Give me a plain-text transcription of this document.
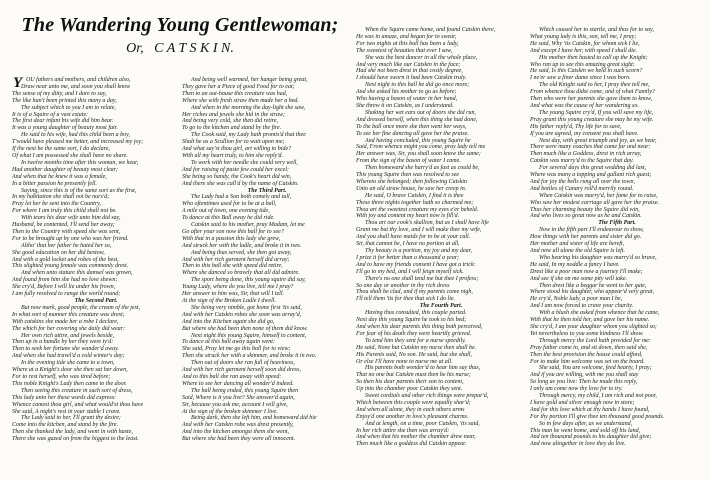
The Wandering Young Gentlewoman;
Or,   C A T S K I N.
Y OU fathers and mothers, and children also,
Draw near unto me, and soon you shall know
The sense of my ditty, and I dare to say,
The like han't been printed this many a day,
The subject which to you I am to relate,
It is of a Squire of a vast estate:
The first dear infant his wife did him bear.
It was a young daughter of beauty most fair.
He said to his wife, had this child been a boy,
T'would have pleased me better, and increased my joy;
If the next be the same sort, I do declare,
Of what I am possessed she shall have no share.
In twelve months time after this woman, we hear,
Had another daughter of beauty most clear;
And when that he knew it was a female,
In a bitter passion he presently fell.
Saying, since this is of the same sort as the first,
In my habitation she shall not be nurs'd;
Pray let her be sent into the Country,
For where I am truly this child shall not be.
With tears his dear wife unto him did say,
Husband, be contented, I'll send her away;
Then to the Country with speed she was sent,
For to be brought up by one who was her friend.
Altho' that her father he hated her so,
She good education on her did bestow,
And with a gold locket and robes of the best,
This slighted young female was commonly drest.
And when unto stature this damsel was grown,
And found from him she had no love shewn;
She cry'd, Before I will lie under his frown,
I am fully resolved to range the world round;
The Second Part.
But now mark, good people, the cream of the jest,
In what sort of manner this creature was drest;
With catskins she made her a robe I declare,
The which for her covering she daily did wear:
Her own rich attire, and jewels beside,
Then up in a bundle by her they were ty'd:
Then to seek her fortune she wander'd away.
And when she had travel'd a cold winter's day;
In the evening tide she came to a town,
Where at a Knight's door she then sat her down,
For to rest herself, who was tired before;
This noble Knight's Lady then came to the door.
Then seeing this creature in such sort of dress,
This lady unto her these words did express:
Whence camest thou girl, and what would'st thou have
She said, A night's rest in your stable I crave.
The Lady said to her, I'll grant thy desire;
Come into the kitchen, and stand by the fire.
Then she thanked the lady, and went in with haste,
There she was gazed on from the biggest to the least.
And being well warmed, her hunger being great,
They gave her a Piece of good Food for to eat;
Then to an out-house this creature was had,
Where she with fresh straw then made her a bed.
And when in the morning the day-light she saw,
Her riches and jewels she hid in the straw;
And being very cold, she then did retire,
To go to the kitchen and stand by the fire.
The Cook said, my Lady hath promis'd that thee
Shalt be as a Scullion for to wait upon me;
And what say'st thou girl, art willing to bide?
With all my heart truly, to him she reply'd.
To work with her needle she could very well,
And for raising of paste few could her excel:
She being so handy, the Cook's heart did win,
And there she was call'd by the name of Catskin.
The Third Part.
The Lady had a Son both comely and tall,
Who oftentimes used for to be at a ball,
A mile out of town, one evening tide,
To dance at this Ball away he did ride.
Catskin said to his mother, pray Madam, let me
Go after your son now this ball for to see?
With that in a passion this lady she grew,
And struck her with the ladle, and broke it in two.
And being thus served, she then got away,
And with her rich garment herself did array;
Then to this ball she with speed did retire,
Where she danced so bravely that all did admire.
The sport being done, this young squire did say,
Young Lady, where do you live, tell me I pray?
Her answer to him was, Sir, that will I tell.
At the sign of the Broken Ladle I dwell.
She being very nimble, got home first 'tis said,
And with her Catskin robes she soon was array'd,
And into the Kitchen again she did go,
But where she had been then none of them did know.
Next night this young Squire, himself to content,
To dance at this ball away again went:
She said, Pray let me go this ball for to view;
Then she struck her with a skimmer, and broke it in two.
Then out of doors she ran full of heaviness,
And with her rich garment herself soon did dress,
And to this ball she ran away with speed:
Where to see her dancing all wonder'd indeed.
The ball being ended, this young Squire then
Said, Where is it you live? She answer'd again,
Sir, because you ask me, account I will give,
At the sign of the broken skimmer I live.
Being dark, then she left him, and homeward did hie
And with her Catskin robe was drest presently,
And into the kitchen amongst them she went,
But where she had been they were all innocent.
When the Squire came home, and found Catskin there,
He was in amaze, and began for to swear,
For two nights at this ball has been a lady,
The sweetest of beauties that ever I saw,
She was the best dancer in all the whole place,
And very much like our Catskin in the face;
Had she not been drest in that costly degree,
I should have sworn it had been Catskin truly.
Next night to this ball he did go once more;
And she asked his mother to go as before;
Who having a bason of water in her hand,
She threw it on Catskin, as I understand.
Shaking her wet ears out of doors she did run,
And dressed herself, when this thing she had done,
To the ball once more she then went her ways,
To see her fine dancing all gave her the praise.
And having concluded, this young Squire he
Said, From whence might you come, pray lady tell me
Her answer was, Sir, you shall soon know the same;
From the sign of the bason of water I came.
Then homeward she hurry'd as fast as could be,
This young Squire then was resolved to see
Whereto she belonged; then following Catskin
Unto an old straw house, he saw her creep in.
He said, O brave Catskin, I find it is thee
These three nights together hath so charmed me;
Thou art the sweetest creature my eyes e'er beheld.
With joy and content my heart now is fill'd.
Thou art our cook's skullion, but as I shall have life
Grant me but thy love, and I will make thee my wife,
And you shall have maids for to be at your call.
Sir, that cannot be, I have no portion at all.
Thy beauty is a portion, my joy and my dear,
I prize it for better than a thousand a year;
And to have my friends consent I have got a trick:
I'll go to my bed, and I will feign myself sick.
There's no one shall tend me but thee I profess;
So one day or another in thy rich dress
Thou shalt be clad, and if my parents come nigh,
I'll tell them 'tis for thee that sick I do lie.
The Fourth Part.
Having thus consulted, this couple parted.
Next day this young Squire he took to his bed;
And when his dear parents this thing both perceived,
For fear of his death they were heartily grieved.
To tend him they sent for a nurse speedily.
He said, None but Catskin my nurse then shall be.
His Parents said, No son. He said, but she shall,
Or else I'll have none to nurse me at all.
His parents both wonder'd to hear him say thus,
That no one but Catskin must then be his nurse;
So then his dear parents their son to content,
Up into the chamber poor Catskin they sent.
Sweet cordials and other rich things were prepar'd,
Which between this couple were equally shar'd;
And when all alone, they in each others arms
Enjoy'd one another in love's pleasant charms.
And at length, on a time, poor Catskin, 'tis said,
In her rich attire she then was array'd:
And when that his mother the chamber drew near,
Then much like a goddess did Catskin appear.
Which caused her to startle, and thus for to say,
What young lady is this, son, tell me, I pray;
He said, Why 'tis Catskin, for whom sick I lie,
And except I have her, with speed I shall die.
His mother then hasted to call up the Knight;
Who ran up to see this amazing great sight:
He said, Is this Catskin we held in such scorn?
I ne'er saw a finer dame since I was born.
The old Knight said to her, I pray thee tell me,
From whence thou didst come, and of what Family?
Then who were her parents she gave them to know,
And what was the cause of her wandering so.
The young Squire cry'd, If you will save my life,
Pray grant this young creature she may be my wife.
His father reply'd, Thy life for to save,
If you are agreed, my consent you shall have.
Next day, with great triumph and joy, as we hear,
There were many coaches that came far and near:
Then much like a Goddess, drest in rich array,
Catskin was marry'd to the Squire that day.
For several days this great wedding did last,
Where was many a topping and gallant rich guest;
And for joy the bells rung all over the town,
And bottles of Canary roll'd merrily round.
When Catskin was marry'd, her fame for to raise,
Who saw her modest carriage all gave her the praise.
Thus her charming beauty the Squire did win,
And who lives so great now as he and Catskin.
The Fifth Part.
Now in the fifth part I'll endeavour to show,
How things with her parents and sister did go.
Her mother and sister of life are bereft,
And now all alone the old Squire is left.
Who hearing his daughter was marry'd so brave,
He said, In my noddle a fancy I have.
Drest like a poor man now a journey I'll make;
And see if she on me some pity will take.
Then drest like a beggar he went to her gate,
Where stood his daughter, who appear'd very great,
He cry'd, Noble lady, a poor man I be,
And I am now forced to crave your charity.
With a blush she asked from whence that he came,
With that he then told her, and gave her his name.
She cry'd, I am your daughter whom you slighted so;
Yet nevertheless to you some kindness I'll show.
Through mercy the Lord hath provided for me:
Pray father come in, and sit down, then said she,
Then the best provision the house could afford,
For to make him welcome was set on the board.
She said, You are welcome, feed hearty, I pray;
And if you are willing, with me you shall stay
So long as you live: Then he made this reply,
I only am come now thy love for to try.
Through mercy, my child, I am rich and not poor,
I have gold and silver enough now in store;
And for this love which at thy hands I have found,
For thy portion I'll give thee ten thousand good pounds.
So in few days after, as we understand,
This man he went home, and sold off his land,
And ten thousand pounds to his daughter did give;
And now altogether in love they do live.
